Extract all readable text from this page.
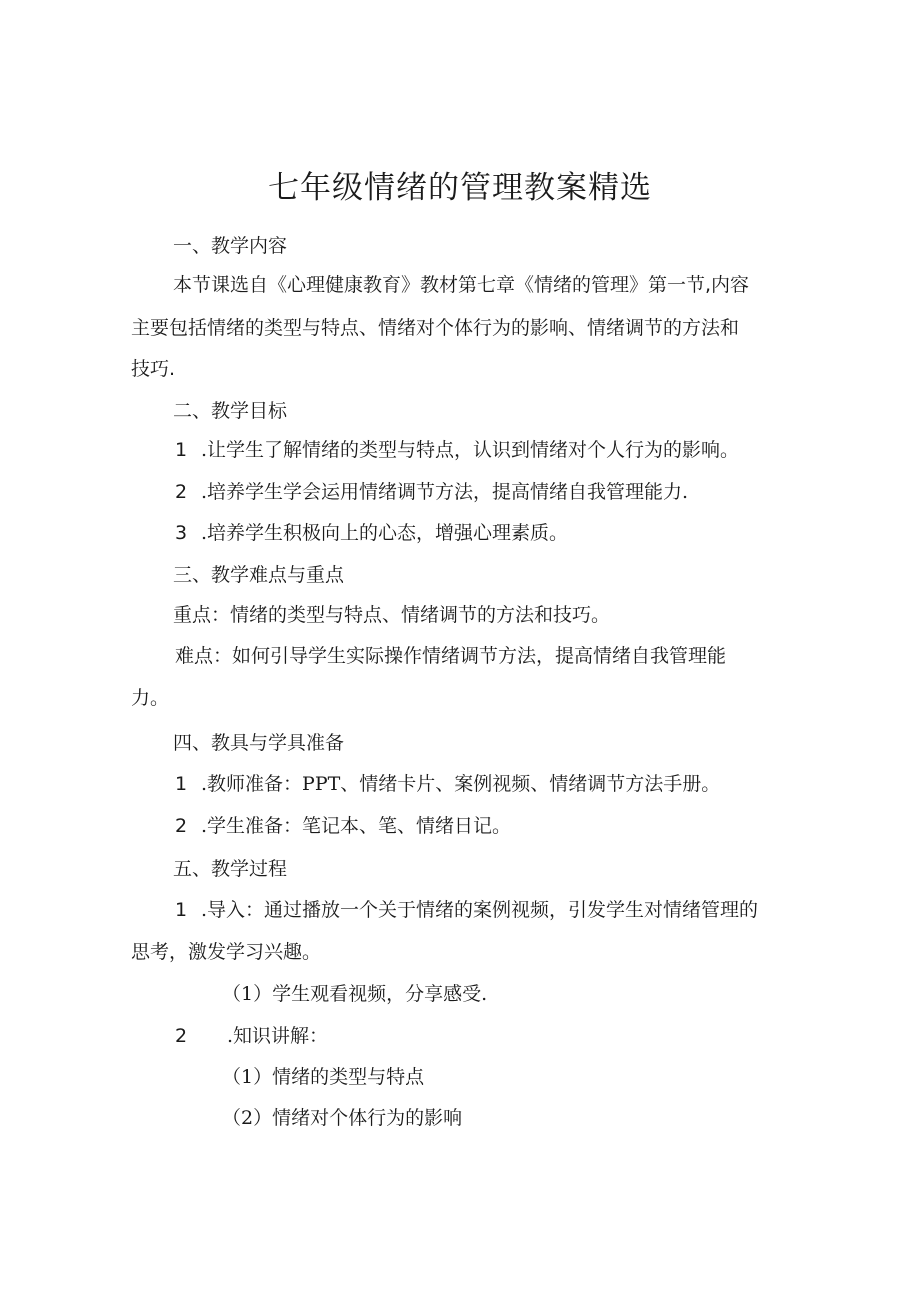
七年级情绪的管理教案精选
一、教学内容
本节课选自《心理健康教育》教材第七章《情绪的管理》第一节,内容
主要包括情绪的类型与特点、情绪对个体行为的影响、情绪调节的方法和
技巧.
二、教学目标
1 .让学生了解情绪的类型与特点，认识到情绪对个人行为的影响。
2 .培养学生学会运用情绪调节方法，提高情绪自我管理能力.
3 .培养学生积极向上的心态，增强心理素质。
三、教学难点与重点
重点：情绪的类型与特点、情绪调节的方法和技巧。
难点：如何引导学生实际操作情绪调节方法，提高情绪自我管理能
力。
四、教具与学具准备
1 .教师准备：PPT、情绪卡片、案例视频、情绪调节方法手册。
2 .学生准备：笔记本、笔、情绪日记。
五、教学过程
1 .导入：通过播放一个关于情绪的案例视频，引发学生对情绪管理的
思考，激发学习兴趣。
（1）学生观看视频，分享感受.
2 .知识讲解：
（1）情绪的类型与特点
（2）情绪对个体行为的影响
